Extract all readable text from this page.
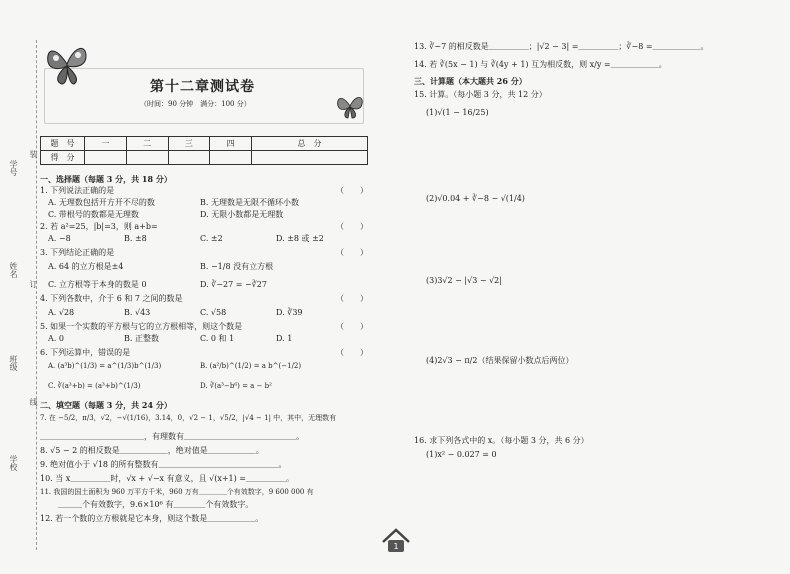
学号
装
姓名
订
班级
线
学校
第十二章测试卷
（时间：90 分钟　满分：100 分）
题　号	一	二	三	四	总　分
得　分					
一、选择题（每题 3 分，共 18 分）
1. 下列说法正确的是	（　　）
A. 无理数包括开方开不尽的数	B. 无理数是无限不循环小数
C. 带根号的数都是无理数	D. 无限小数都是无理数
2. 若 a²=25，|b|=3，则 a+b=	（　　）
A. −8	B. ±8	C. ±2	D. ±8 或 ±2
3. 下列结论正确的是	（　　）
A. 64 的立方根是±4	B. −1/8 没有立方根
C. 立方根等于本身的数是 0	D. ∛−27 = −∛27
4. 下列各数中，介于 6 和 7 之间的数是	（　　）
A. √28	B. √43	C. √58	D. ∛39
5. 如果一个实数的平方根与它的立方根相等，则这个数是	（　　）
A. 0	B. 正整数	C. 0 和 1	D. 1
6. 下列运算中，错误的是	（　　）
A. (a³b)^(1/3) = a^(1/3)b^(1/3)	B. (a²/b)^(1/2) = a b^(−1/2)
C. ∛(a³+b) = (a³+b)^(1/3)	D. ∛(a³−b⁶) = a − b²
二、填空题（每题 3 分，共 24 分）
7. 在 −5/2，π/3，√2，−√(1/16)，3.14，0，√2 − 1，√5/2，|√4 − 1| 中，其中，无理数有
＿＿＿＿＿＿＿＿＿＿＿＿＿，有理数有＿＿＿＿＿＿＿＿＿＿＿＿＿＿。
8. √5 − 2 的相反数是＿＿＿＿＿＿，绝对值是＿＿＿＿＿＿。
9. 绝对值小于 √18 的所有整数有＿＿＿＿＿＿＿＿＿＿＿＿＿＿＿。
10. 当 x＿＿＿＿＿时，√x + √−x 有意义，且 √(x+1) =＿＿＿＿＿。
11. 我国的国土面积为 960 万平方千米，960 万有＿＿＿＿个有效数字，9 600 000 有
＿＿＿个有效数字，9.6×10⁶ 有＿＿＿＿个有效数字。
12. 若一个数的立方根就是它本身，则这个数是＿＿＿＿＿＿。
13. ∛−7 的相反数是＿＿＿＿＿；|√2 − 3| =＿＿＿＿＿；∛−8 =＿＿＿＿＿＿。
14. 若 ∛(5x − 1) 与 ∛(4y + 1) 互为相反数，则 x/y =＿＿＿＿＿＿。
三、计算题（本大题共 26 分）
15. 计算。（每小题 3 分，共 12 分）
(1)√(1 − 16/25)
(2)√0.04 + ∛−8 − √(1/4)
(3)3√2 − |√3 − √2|
(4)2√3 − π/2（结果保留小数点后两位）
16. 求下列各式中的 x。（每小题 3 分，共 6 分）
(1)x² − 0.027 = 0
1
